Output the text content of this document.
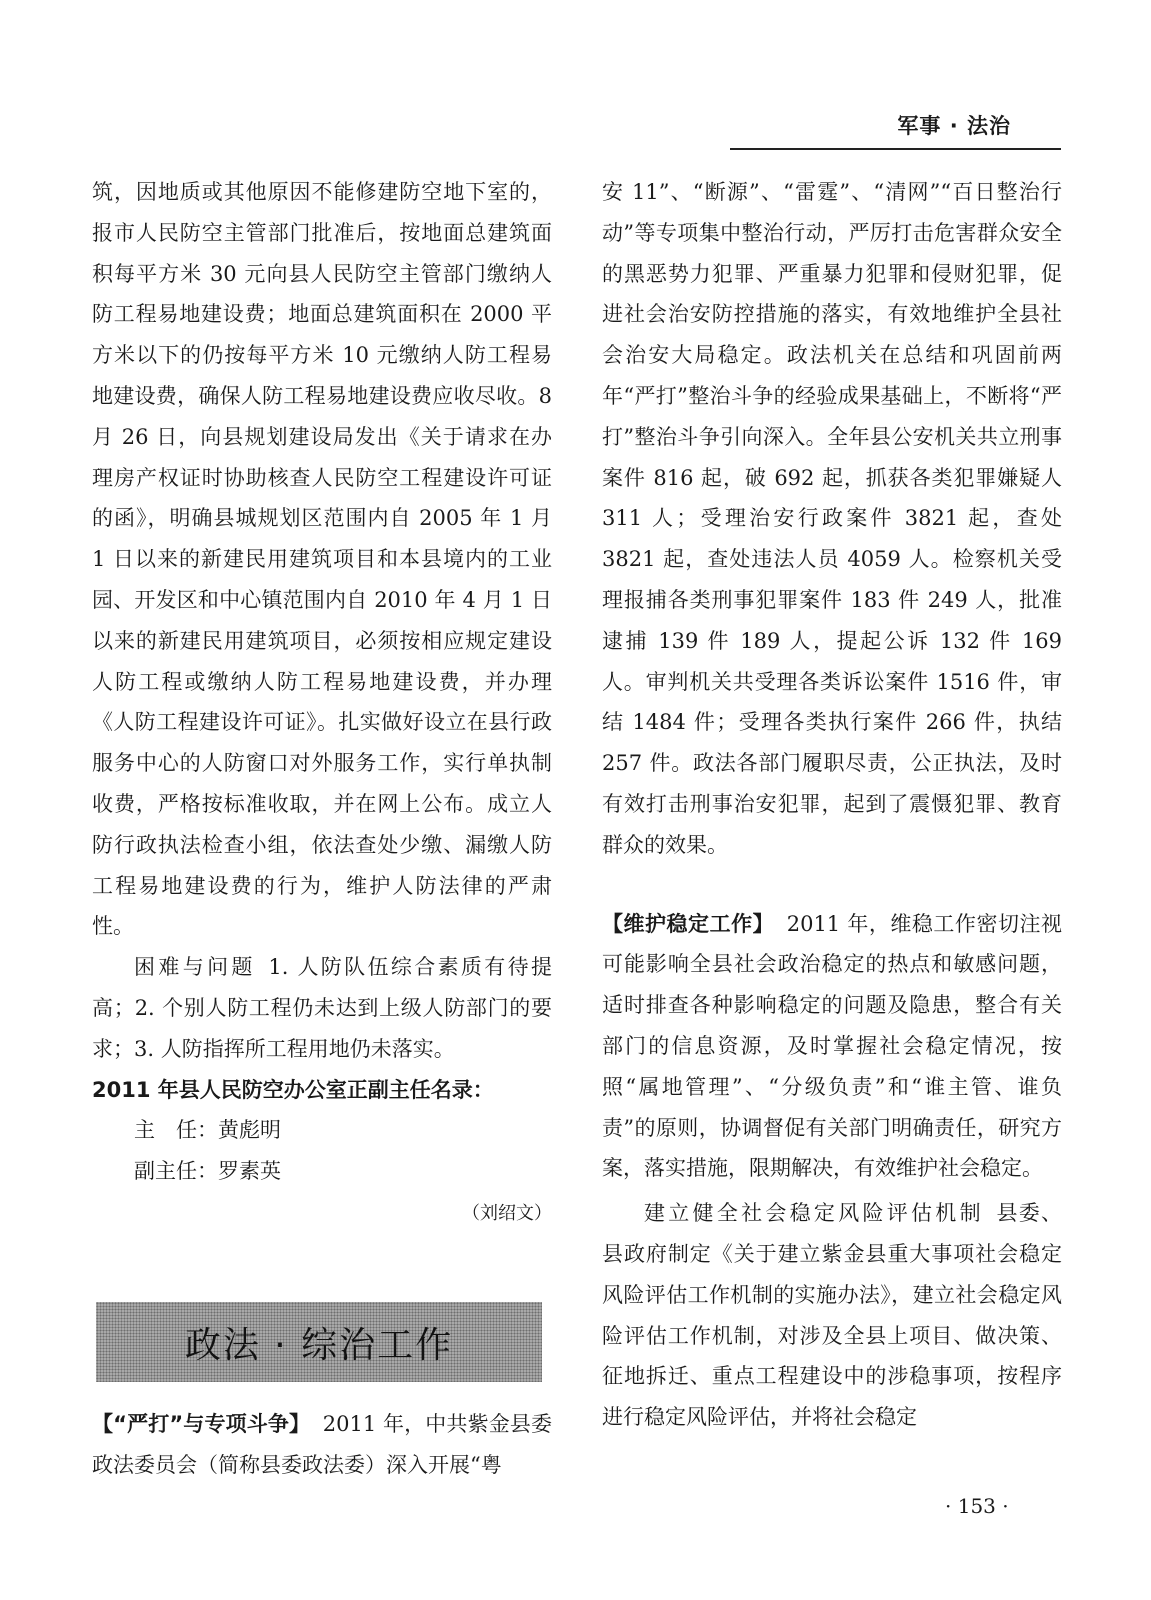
军事 · 法治

筑，因地质或其他原因不能修建防空地下室的，报市人民防空主管部门批准后，按地面总建筑面积每平方米 30 元向县人民防空主管部门缴纳人防工程易地建设费；地面总建筑面积在 2000 平方米以下的仍按每平方米 10 元缴纳人防工程易地建设费，确保人防工程易地建设费应收尽收。8 月 26 日，向县规划建设局发出《关于请求在办理房产权证时协助核查人民防空工程建设许可证的函》，明确县城规划区范围内自 2005 年 1 月 1 日以来的新建民用建筑项目和本县境内的工业园、开发区和中心镇范围内自 2010 年 4 月 1 日以来的新建民用建筑项目，必须按相应规定建设人防工程或缴纳人防工程易地建设费，并办理《人防工程建设许可证》。扎实做好设立在县行政服务中心的人防窗口对外服务工作，实行单执制收费，严格按标准收取，并在网上公布。成立人防行政执法检查小组，依法查处少缴、漏缴人防工程易地建设费的行为，维护人防法律的严肃性。

困难与问题 1. 人防队伍综合素质有待提高；2. 个别人防工程仍未达到上级人防部门的要求；3. 人防指挥所工程用地仍未落实。

2011 年县人民防空办公室正副主任名录：

主　任：黄彪明

副主任：罗素英

（刘绍文）

政法 · 综治工作

【“严打”与专项斗争】 2011 年，中共紫金县委政法委员会（简称县委政法委）深入开展“粤

安 11”、“断源”、“雷霆”、“清网”“百日整治行动”等专项集中整治行动，严厉打击危害群众安全的黑恶势力犯罪、严重暴力犯罪和侵财犯罪，促进社会治安防控措施的落实，有效地维护全县社会治安大局稳定。政法机关在总结和巩固前两年“严打”整治斗争的经验成果基础上，不断将“严打”整治斗争引向深入。全年县公安机关共立刑事案件 816 起，破 692 起，抓获各类犯罪嫌疑人 311 人；受理治安行政案件 3821 起，查处 3821 起，查处违法人员 4059 人。检察机关受理报捕各类刑事犯罪案件 183 件 249 人，批准逮捕 139 件 189 人，提起公诉 132 件 169 人。审判机关共受理各类诉讼案件 1516 件，审结 1484 件；受理各类执行案件 266 件，执结 257 件。政法各部门履职尽责，公正执法，及时有效打击刑事治安犯罪，起到了震慑犯罪、教育群众的效果。

【维护稳定工作】 2011 年，维稳工作密切注视可能影响全县社会政治稳定的热点和敏感问题，适时排查各种影响稳定的问题及隐患，整合有关部门的信息资源，及时掌握社会稳定情况，按照“属地管理”、“分级负责”和“谁主管、谁负责”的原则，协调督促有关部门明确责任，研究方案，落实措施，限期解决，有效维护社会稳定。

建立健全社会稳定风险评估机制 县委、县政府制定《关于建立紫金县重大事项社会稳定风险评估工作机制的实施办法》，建立社会稳定风险评估工作机制，对涉及全县上项目、做决策、征地拆迁、重点工程建设中的涉稳事项，按程序进行稳定风险评估，并将社会稳定

· 153 ·
